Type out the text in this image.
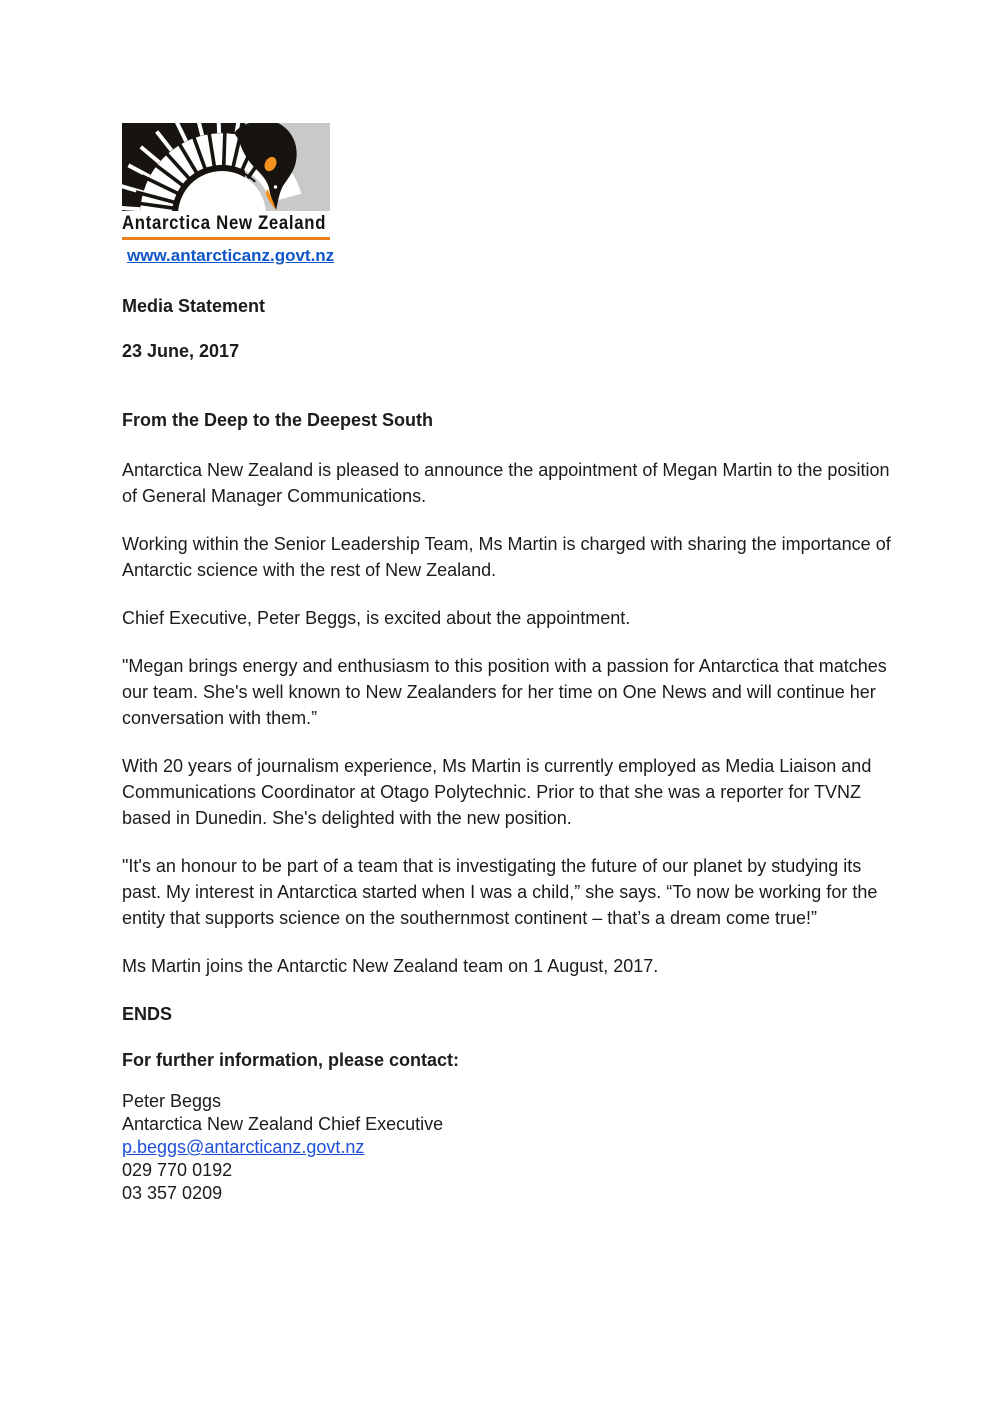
Antarctica New Zealand
www.antarcticanz.govt.nz

Media Statement

23 June, 2017

From the Deep to the Deepest South

Antarctica New Zealand is pleased to announce the appointment of Megan Martin to the position of General Manager Communications.

Working within the Senior Leadership Team, Ms Martin is charged with sharing the importance of Antarctic science with the rest of New Zealand.

Chief Executive, Peter Beggs, is excited about the appointment.

"Megan brings energy and enthusiasm to this position with a passion for Antarctica that matches our team. She's well known to New Zealanders for her time on One News and will continue her conversation with them.”

With 20 years of journalism experience, Ms Martin is currently employed as Media Liaison and Communications Coordinator at Otago Polytechnic. Prior to that she was a reporter for TVNZ based in Dunedin. She's delighted with the new position.

"It's an honour to be part of a team that is investigating the future of our planet by studying its past. My interest in Antarctica started when I was a child,” she says. “To now be working for the entity that supports science on the southernmost continent – that’s a dream come true!”

Ms Martin joins the Antarctic New Zealand team on 1 August, 2017.

ENDS

For further information, please contact:

Peter Beggs

Antarctica New Zealand Chief Executive

p.beggs@antarcticanz.govt.nz

029 770 0192

03 357 0209
